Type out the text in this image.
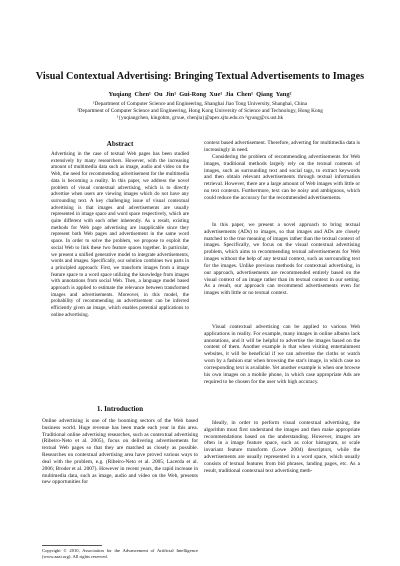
Visual Contextual Advertising: Bringing Textual Advertisements to Images
Yuqiang Chen¹ Ou Jin¹ Gui-Rong Xue¹ Jia Chen¹ Qiang Yang²
¹Department of Computer Science and Engineering, Shanghai Jiao Tong University, Shanghai, China
²Department of Computer Science and Engineering, Hong Kong University of Science and Technology, Hong Kong
¹{yuqiangchen, kingohm, grxue, chenjia}@apex.sjtu.edu.cn ²qyang@cs.ust.hk
Abstract

Advertising in the case of textual Web pages has been studied extensively by many researchers. However, with the increasing amount of multimedia data such as image, audio and video on the Web, the need for recommending advertisement for the multimedia data is becoming a reality. In this paper, we address the novel problem of visual contextual advertising, which is to directly advertise when users are viewing images which do not have any surrounding text. A key challenging issue of visual contextual advertising is that images and advertisements are usually represented in image space and word space respectively, which are quite different with each other inherently. As a result, existing methods for Web page advertising are inapplicable since they represent both Web pages and advertisement in the same word space. In order to solve the problem, we propose to exploit the social Web to link these two feature spaces together. In particular, we present a unified generative model to integrate advertisements, words and images. Specifically, our solution combines two parts in a principled approach: First, we transform images from a image feature space to a word space utilizing the knowledge from images with annotations from social Web. Then, a language model based approach is applied to estimate the relevance between transformed images and advertisements. Moreover, in this model, the probability of recommending an advertisement can be inferred efficiently given an image, which enables potential applications to online advertising.

1. Introduction

Online advertising is one of the booming sectors of the Web based business world. Huge revenue has been made each year in this area. Traditional online advertising researches, such as contextual advertising (Ribeiro-Neto et al. 2005), focus on delivering advertisements for textual Web pages so that they are matched as closely as possible. Researches on contextual advertising area have proved various ways to deal with the problem, e.g. (Ribeiro-Neto et al. 2005; Lacerda et al. 2006; Broder et al. 2007). However in recent years, the rapid increase in multimedia data, such as image, audio and video on the Web, presents new opportunities for

Copyright © 2010, Association for the Advancement of Artificial Intelligence (www.aaai.org). All rights reserved.

context based advertisement. Therefore, adverting for multimedia data is increasingly in need.

Considering the problem of recommending advertisements for Web images, traditional methods largely rely on the textual contents of images, such as surrounding text and social tags, to extract keywords and then obtain relevant advertisements through textual information retrieval. However, there are a large amount of Web images with little or no text contexts. Furthermore, text can be noisy and ambiguous, which could reduce the accuracy for the recommended advertisements.

In this paper, we present a novel approach to bring textual advertisements (ADs) to images, so that images and ADs are closely matched to the true meaning of images rather than the textual context of images. Specifically, we focus on the visual contextual advertising problem, which aims to recommending textual advertisements for Web images without the help of any textual context, such as surrounding text for the images. Unlike previous methods for contextual advertising, in our approach, advertisements are recommended entirely based on the visual context of an image rather than its textual context in our setting. As a result, our approach can recommend advertisements even for images with little or no textual context.

Visual contextual advertising can be applied to various Web applications in reality. For example, many images in online albums lack annotations, and it will be helpful to advertise the images based on the content of them. Another example is that when visiting entertainment websites, it will be beneficial if we can advertise the cloths or watch worn by a fashion star when browsing the star's image, in which case no corresponding text is available. Yet another example is when one browse his own images on a mobile phone, in which case appropriate Ads are required to be chosen for the user with high accuracy.

Ideally, in order to perform visual contextual advertising, the algorithm must first understand the images and then make appropriate recommendations based on the understanding. However, images are often in a image feature space, such as color histogram, or scale invariant feature transform (Lowe 2004) descriptors, while the advertisements are usually represented in a word space, which usually consists of textual features from bid phrases, landing pages, etc. As a result, traditional contextual text advertising meth-
